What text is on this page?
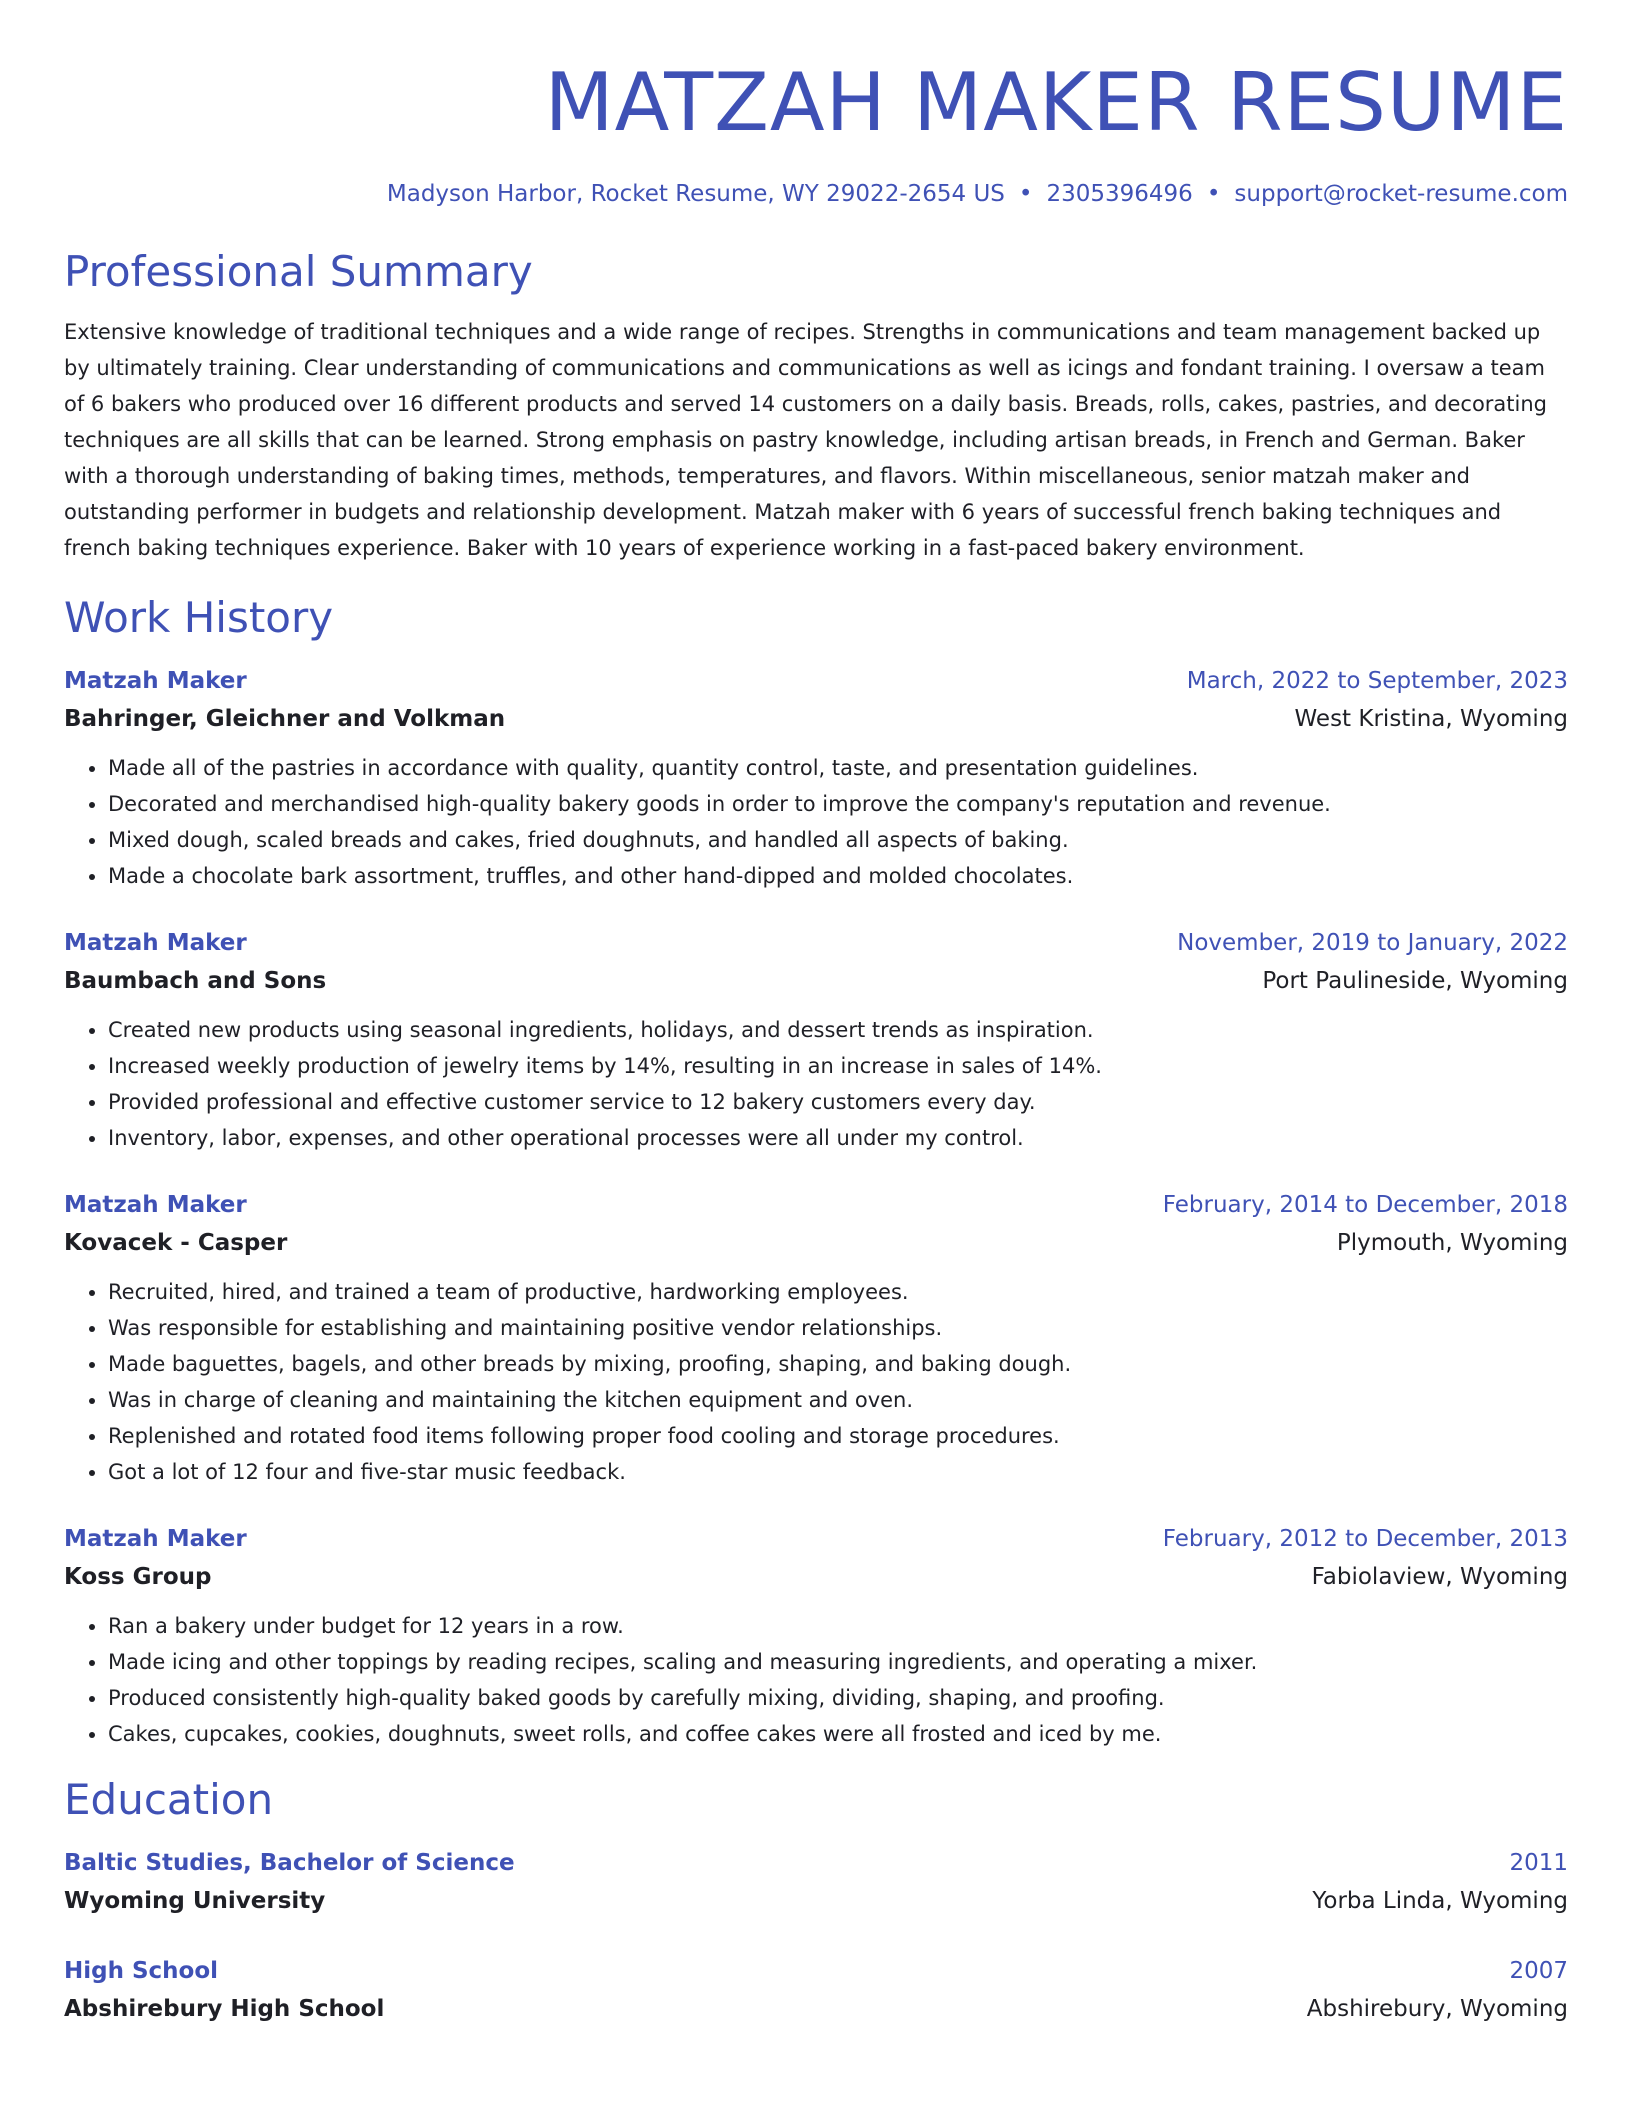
MATZAH MAKER RESUME
Madyson Harbor, Rocket Resume, WY 29022-2654 US • 2305396496 • support@rocket-resume.com
Professional Summary
Extensive knowledge of traditional techniques and a wide range of recipes. Strengths in communications and team management backed up by ultimately training. Clear understanding of communications and communications as well as icings and fondant training. I oversaw a team of 6 bakers who produced over 16 different products and served 14 customers on a daily basis. Breads, rolls, cakes, pastries, and decorating techniques are all skills that can be learned. Strong emphasis on pastry knowledge, including artisan breads, in French and German. Baker with a thorough understanding of baking times, methods, temperatures, and flavors. Within miscellaneous, senior matzah maker and outstanding performer in budgets and relationship development. Matzah maker with 6 years of successful french baking techniques and french baking techniques experience. Baker with 10 years of experience working in a fast-paced bakery environment.
Work History
Matzah Maker	March, 2022 to September, 2023
Bahringer, Gleichner and Volkman	West Kristina, Wyoming
• Made all of the pastries in accordance with quality, quantity control, taste, and presentation guidelines.
• Decorated and merchandised high-quality bakery goods in order to improve the company's reputation and revenue.
• Mixed dough, scaled breads and cakes, fried doughnuts, and handled all aspects of baking.
• Made a chocolate bark assortment, truffles, and other hand-dipped and molded chocolates.
Matzah Maker	November, 2019 to January, 2022
Baumbach and Sons	Port Paulineside, Wyoming
• Created new products using seasonal ingredients, holidays, and dessert trends as inspiration.
• Increased weekly production of jewelry items by 14%, resulting in an increase in sales of 14%.
• Provided professional and effective customer service to 12 bakery customers every day.
• Inventory, labor, expenses, and other operational processes were all under my control.
Matzah Maker	February, 2014 to December, 2018
Kovacek - Casper	Plymouth, Wyoming
• Recruited, hired, and trained a team of productive, hardworking employees.
• Was responsible for establishing and maintaining positive vendor relationships.
• Made baguettes, bagels, and other breads by mixing, proofing, shaping, and baking dough.
• Was in charge of cleaning and maintaining the kitchen equipment and oven.
• Replenished and rotated food items following proper food cooling and storage procedures.
• Got a lot of 12 four and five-star music feedback.
Matzah Maker	February, 2012 to December, 2013
Koss Group	Fabiolaview, Wyoming
• Ran a bakery under budget for 12 years in a row.
• Made icing and other toppings by reading recipes, scaling and measuring ingredients, and operating a mixer.
• Produced consistently high-quality baked goods by carefully mixing, dividing, shaping, and proofing.
• Cakes, cupcakes, cookies, doughnuts, sweet rolls, and coffee cakes were all frosted and iced by me.
Education
Baltic Studies, Bachelor of Science	2011
Wyoming University	Yorba Linda, Wyoming
High School	2007
Abshirebury High School	Abshirebury, Wyoming
